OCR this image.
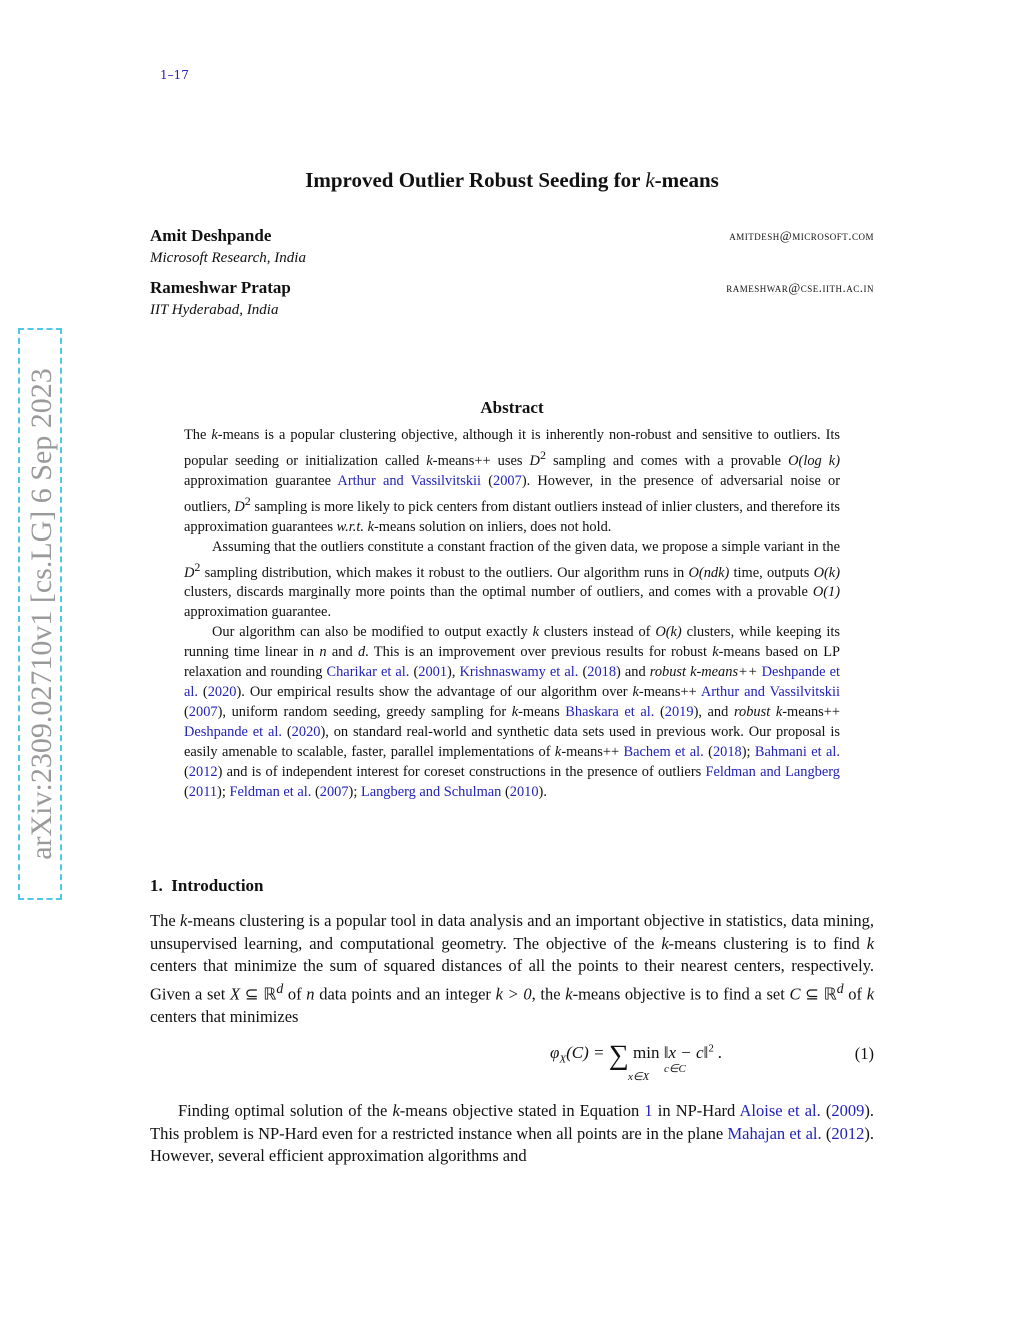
1–17
arXiv:2309.02710v1 [cs.LG] 6 Sep 2023
Improved Outlier Robust Seeding for k-means
Amit Deshpande	amitdesh@microsoft.com
Microsoft Research, India
Rameshwar Pratap	rameshwar@cse.iith.ac.in
IIT Hyderabad, India
Abstract

The k-means is a popular clustering objective, although it is inherently non-robust and sensitive to outliers. Its popular seeding or initialization called k-means++ uses $D^2$ sampling and comes with a provable O(log k) approximation guarantee Arthur and Vassilvitskii (2007). However, in the presence of adversarial noise or outliers, $D^2$ sampling is more likely to pick centers from distant outliers instead of inlier clusters, and therefore its approximation guarantees w.r.t. k-means solution on inliers, does not hold.

Assuming that the outliers constitute a constant fraction of the given data, we propose a simple variant in the $D^2$ sampling distribution, which makes it robust to the outliers. Our algorithm runs in O(ndk) time, outputs O(k) clusters, discards marginally more points than the optimal number of outliers, and comes with a provable O(1) approximation guarantee.

Our algorithm can also be modified to output exactly k clusters instead of O(k) clusters, while keeping its running time linear in n and d. This is an improvement over previous results for robust k-means based on LP relaxation and rounding Charikar et al. (2001), Krishnaswamy et al. (2018) and robust k-means++ Deshpande et al. (2020). Our empirical results show the advantage of our algorithm over k-means++ Arthur and Vassilvitskii (2007), uniform random seeding, greedy sampling for k-means Bhaskara et al. (2019), and robust k-means++ Deshpande et al. (2020), on standard real-world and synthetic data sets used in previous work. Our proposal is easily amenable to scalable, faster, parallel implementations of k-means++ Bachem et al. (2018); Bahmani et al. (2012) and is of independent interest for coreset constructions in the presence of outliers Feldman and Langberg (2011); Feldman et al. (2007); Langberg and Schulman (2010).

1. Introduction

The k-means clustering is a popular tool in data analysis and an important objective in statistics, data mining, unsupervised learning, and computational geometry. The objective of the k-means clustering is to find k centers that minimize the sum of squared distances of all the points to their nearest centers, respectively. Given a set X ⊆ ℝ$^d$ of n data points and an integer k > 0, the k-means objective is to find a set C ⊆ ℝ$^d$ of k centers that minimizes

$\varphi_X(C)$ = ∑ min ‖x − c‖$^2$ .
x∈X
c∈C
(1)

Finding optimal solution of the k-means objective stated in Equation 1 in NP-Hard Aloise et al. (2009). This problem is NP-Hard even for a restricted instance when all points are in the plane Mahajan et al. (2012). However, several efficient approximation algorithms and
